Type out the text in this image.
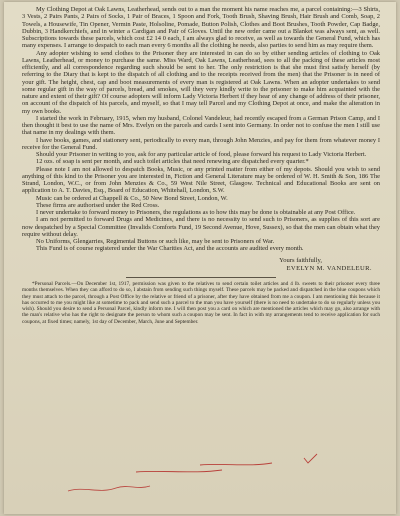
My Clothing Depot at Oak Lawns, Leatherhead, sends out to a man the moment his name reaches me, a parcel containing:—3 Shirts, 3 Vests, 2 Pairs Pants, 2 Pairs of Socks, 1 Pair of Braces, 1 Spoon and Fork, Tooth Brush, Shaving Brush, Hair Brush and Comb, Soap, 2 Towels, a Housewife, Tin Opener, Vermin Paste, Holsoline, Pomade, Button Polish, Clothes and Boot Brushes, Tooth Powder, Cap Badge, Dubbin, 3 Handkerchiefs, and in winter a Cardigan and Pair of Gloves. Until the new order came out a Blanket was always sent, as well. Subscriptions towards these parcels, which cost £2 14 0 each, I am always glad to receive, as well as towards the General Fund, which has many expenses. I arrange to despatch to each man every 6 months all the clothing he needs, also parties to send him as may require them.

Any adopter wishing to send clothes to the Prisoner they are interested in can do so by either sending articles of clothing to Oak Lawns, Leatherhead, or money to purchase the same. Miss Ward, Oak Lawns, Leatherhead, sees to all the packing of these articles most efficiently, and all correspondence regarding such should be sent to her. The only restriction is that she must first satisfy herself (by referring to the Diary that is kept to the dispatch of all clothing and to the receipts received from the men) that the Prisoner is in need of your gift. The height, chest, cap and boot measurements of every man is registered at Oak Lawns. When an adopter undertakes to send some regular gift in the way of parcels, bread, and smokes, will they very kindly write to the prisoner to make him acquainted with the nature and extent of their gift? Of course adopters will inform Lady Victoria Herbert if they hear of any change of address of their prisoner, on account of the dispatch of his parcels, and myself, so that I may tell Parcel and my Clothing Depot at once, and make the alteration in my own books.

I started the work in February, 1915, when my husband, Colonel Vandeleur, had recently escaped from a German Prison Camp, and I then thought it best to use the name of Mrs. Evelyn on the parcels and cards I sent into Germany. In order not to confuse the men I still use that name in my dealings with them.

I have books, games, and stationery sent, periodically to every man, through John Menzies, and pay for them from whatever money I receive for the General Fund.

Should your Prisoner in writing to you, ask for any particular article of food, please forward his request to Lady Victoria Herbert.

12 ozs. of soap is sent per month, and such toilet articles that need renewing are dispatched every quarter.*

Please note I am not allowed to despatch Books, Music, or any printed matter from either of my depots. Should you wish to send anything of this kind to the Prisoner you are interested in, Fiction and General Literature may be ordered of W. H. Smith & Son, 186 The Strand, London, W.C., or from John Menzies & Co., 59 West Nile Street, Glasgow. Technical and Educational Books are sent on application to A. T. Davies, Esq., Board of Education, Whitehall, London, S.W.

Music can be ordered at Chappell & Co., 50 New Bond Street, London, W.

These firms are authorised under the Red Cross.

I never undertake to forward money to Prisoners, the regulations as to how this may be done is obtainable at any Post Office.

I am not permitted to forward Drugs and Medicines, and there is no necessity to send such to Prisoners, as supplies of this sort are now despatched by a Special Committee (Invalids Comforts Fund, 19 Second Avenue, Hove, Sussex), so that the men can obtain what they require without delay.

No Uniforms, Glengarries, Regimental Buttons or such like, may be sent to Prisoners of War.

This Fund is of course registered under the War Charities Act, and the accounts are audited every month.

Yours faithfully,
EVELYN M. VANDELEUR.

*Personal Parcels.—On December 1st, 1917, permission was given to the relatives to send certain toilet articles and 4 lb. sweets to their prisoner every three months themselves. When they can afford to do so, I abstain from sending such things myself. These parcels may be packed and dispatched in the blue coupons which they must attach to the parcel, through a Post Office by the relative or friend of a prisoner, after they have obtained from me a coupon. I am mentioning this because it has occurred to me you might like at sometime to pack and send such a parcel to the man you have yourself (there is no need to undertake to do so regularly unless you wish). Should you desire to send a Personal Parcel, kindly inform me. I will then post you a card on which are mentioned the articles which may go, also arrange with the man's relative who has the right to designate the person to whom such a coupon may be sent. In fact in with my arrangements tend to receive application for such coupons, at fixed times; namely, 1st day of December, March, June and September.
